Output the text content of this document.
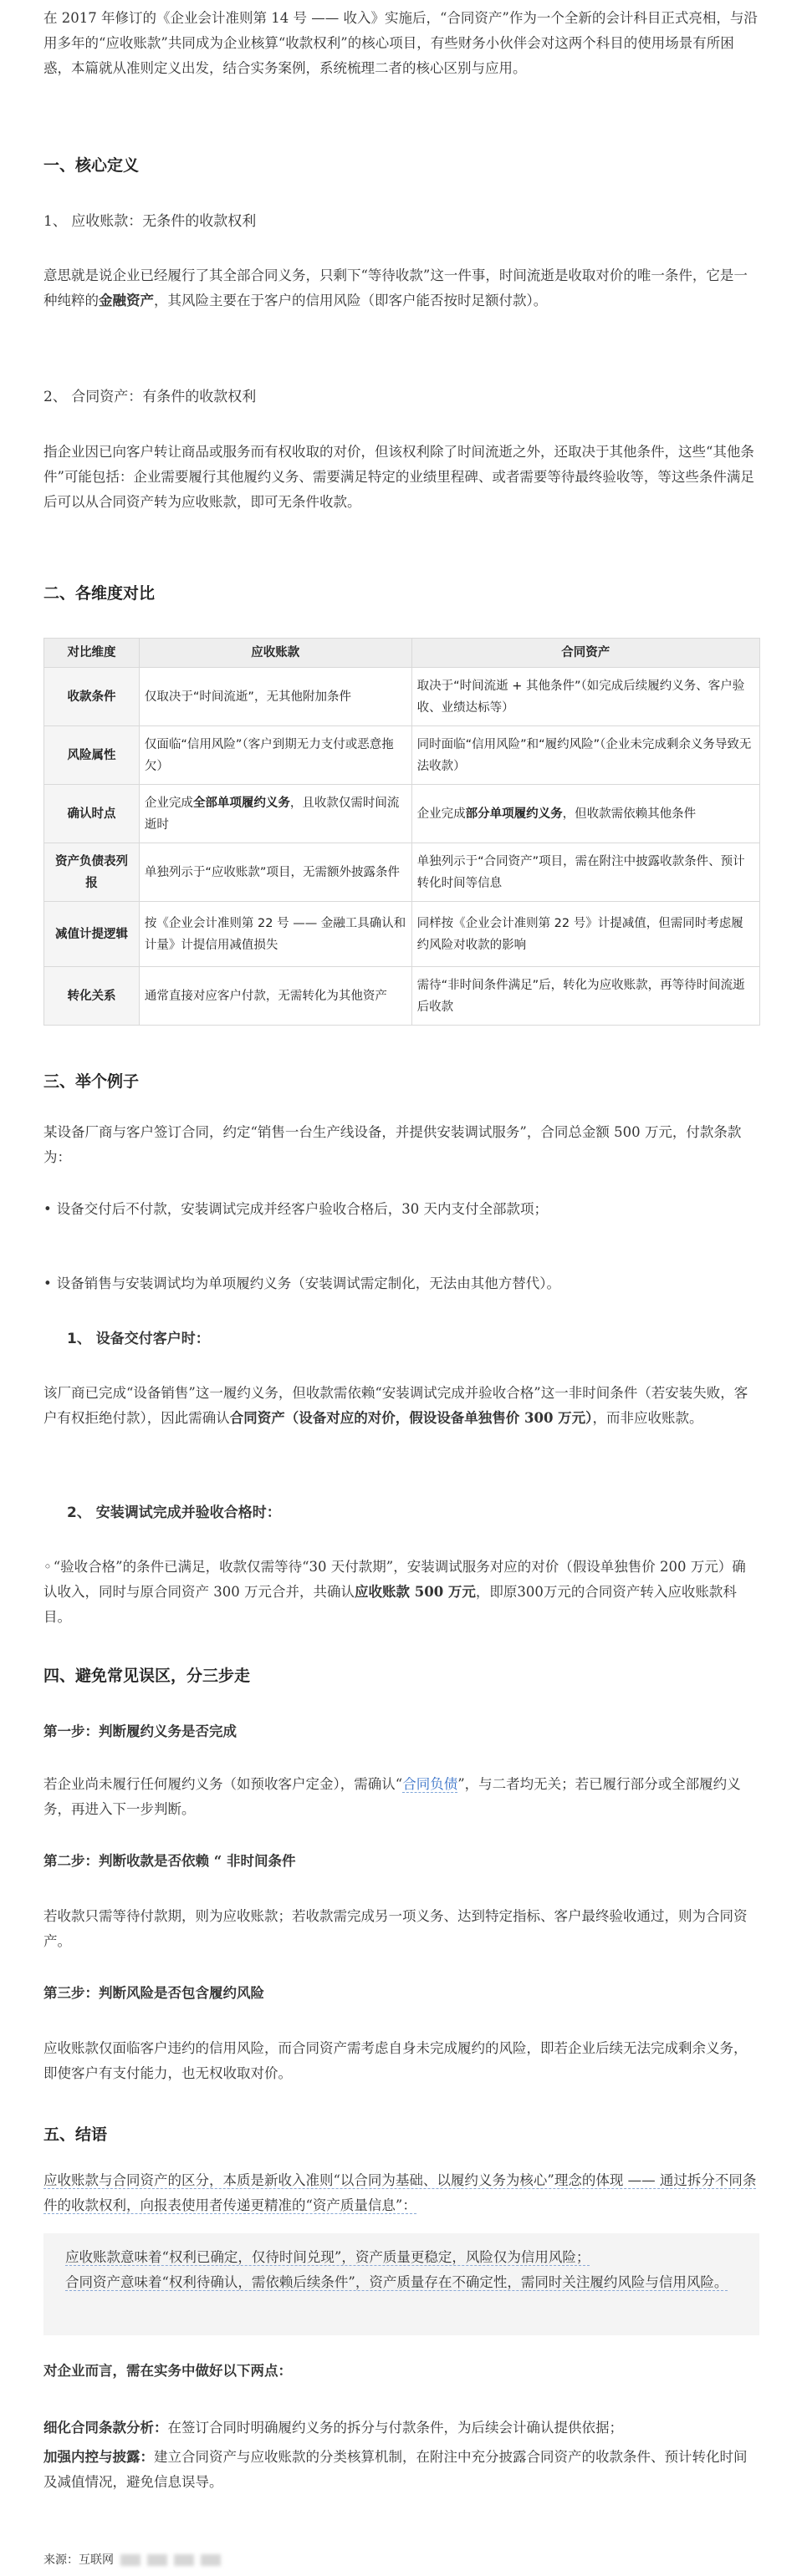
在 2017 年修订的《企业会计准则第 14 号 —— 收入》实施后，“合同资产”作为一个全新的会计科目正式亮相，与沿用多年的“应收账款”共同成为企业核算“收款权利”的核心项目，有些财务小伙伴会对这两个科目的使用场景有所困惑，本篇就从准则定义出发，结合实务案例，系统梳理二者的核心区别与应用。

一、核心定义

1、 应收账款：无条件的收款权利

意思就是说企业已经履行了其全部合同义务，只剩下“等待收款”这一件事，时间流逝是收取对价的唯一条件，它是一种纯粹的金融资产，其风险主要在于客户的信用风险（即客户能否按时足额付款）。

2、 合同资产：有条件的收款权利

指企业因已向客户转让商品或服务而有权收取的对价，但该权利除了时间流逝之外，还取决于其他条件，这些“其他条件”可能包括：企业需要履行其他履约义务、需要满足特定的业绩里程碑、或者需要等待最终验收等，等这些条件满足后可以从合同资产转为应收账款，即可无条件收款。

二、各维度对比

对比维度	应收账款	合同资产
收款条件	仅取决于“时间流逝”，无其他附加条件	取决于“时间流逝 + 其他条件”（如完成后续履约义务、客户验收、业绩达标等）
风险属性	仅面临“信用风险”（客户到期无力支付或恶意拖欠）	同时面临“信用风险”和“履约风险”（企业未完成剩余义务导致无法收款）
确认时点	企业完成全部单项履约义务，且收款仅需时间流逝时	企业完成部分单项履约义务，但收款需依赖其他条件
资产负债表列报	单独列示于“应收账款”项目，无需额外披露条件	单独列示于“合同资产”项目，需在附注中披露收款条件、预计转化时间等信息
减值计提逻辑	按《企业会计准则第 22 号 —— 金融工具确认和计量》计提信用减值损失	同样按《企业会计准则第 22 号》计提减值，但需同时考虑履约风险对收款的影响
转化关系	通常直接对应客户付款，无需转化为其他资产	需待“非时间条件满足”后，转化为应收账款，再等待时间流逝后收款

三、举个例子

某设备厂商与客户签订合同，约定“销售一台生产线设备，并提供安装调试服务”，合同总金额 500 万元，付款条款为：

• 设备交付后不付款，安装调试完成并经客户验收合格后，30 天内支付全部款项；

• 设备销售与安装调试均为单项履约义务（安装调试需定制化，无法由其他方替代）。

1、 设备交付客户时：

该厂商已完成“设备销售”这一履约义务，但收款需依赖“安装调试完成并验收合格”这一非时间条件（若安装失败，客户有权拒绝付款），因此需确认合同资产（设备对应的对价，假设设备单独售价 300 万元），而非应收账款。

2、 安装调试完成并验收合格时：

◦ “验收合格”的条件已满足，收款仅需等待“30 天付款期”，安装调试服务对应的对价（假设单独售价 200 万元）确认收入，同时与原合同资产 300 万元合并，共确认应收账款 500 万元，即原300万元的合同资产转入应收账款科目。

四、避免常见误区，分三步走

第一步：判断履约义务是否完成

若企业尚未履行任何履约义务（如预收客户定金），需确认“合同负债”，与二者均无关；若已履行部分或全部履约义务，再进入下一步判断。

第二步：判断收款是否依赖 “ 非时间条件

若收款只需等待付款期，则为应收账款；若收款需完成另一项义务、达到特定指标、客户最终验收通过，则为合同资产。

第三步：判断风险是否包含履约风险

应收账款仅面临客户违约的信用风险，而合同资产需考虑自身未完成履约的风险，即若企业后续无法完成剩余义务，即使客户有支付能力，也无权收取对价。

五、结语

应收账款与合同资产的区分，本质是新收入准则“以合同为基础、以履约义务为核心”理念的体现 —— 通过拆分不同条件的收款权利，向报表使用者传递更精准的“资产质量信息”：

应收账款意味着“权利已确定，仅待时间兑现”，资产质量更稳定，风险仅为信用风险；

合同资产意味着“权利待确认，需依赖后续条件”，资产质量存在不确定性，需同时关注履约风险与信用风险。

对企业而言，需在实务中做好以下两点：

细化合同条款分析：在签订合同时明确履约义务的拆分与付款条件，为后续会计确认提供依据；

加强内控与披露：建立合同资产与应收账款的分类核算机制，在附注中充分披露合同资产的收款条件、预计转化时间及减值情况，避免信息误导。

来源：互联网
